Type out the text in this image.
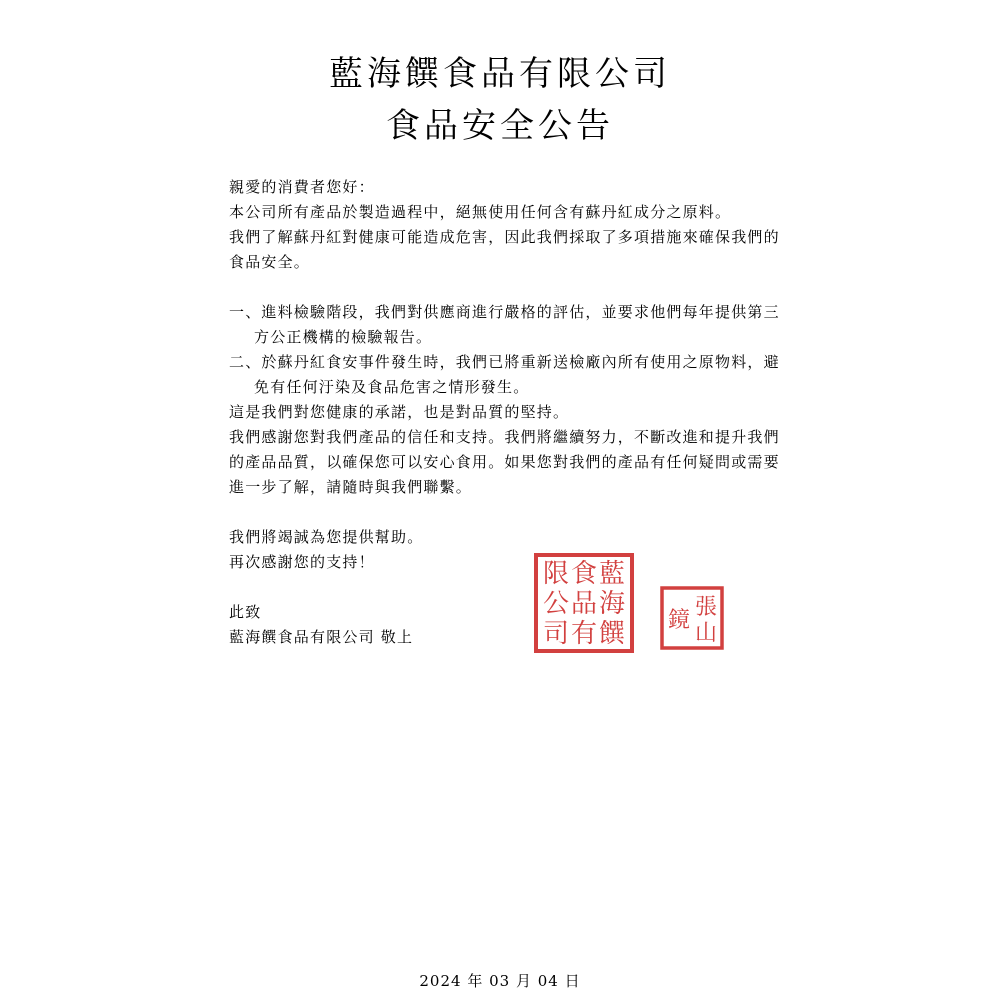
藍海饌食品有限公司
食品安全公告
親愛的消費者您好：
本公司所有產品於製造過程中，絕無使用任何含有蘇丹紅成分之原料。
我們了解蘇丹紅對健康可能造成危害，因此我們採取了多項措施來確保我們的
食品安全。
一、進料檢驗階段，我們對供應商進行嚴格的評估，並要求他們每年提供第三
方公正機構的檢驗報告。
二、於蘇丹紅食安事件發生時，我們已將重新送檢廠內所有使用之原物料，避
免有任何汙染及食品危害之情形發生。
這是我們對您健康的承諾，也是對品質的堅持。
我們感謝您對我們產品的信任和支持。我們將繼續努力，不斷改進和提升我們
的產品品質，以確保您可以安心食用。如果您對我們的產品有任何疑問或需要
進一步了解，請隨時與我們聯繫。
我們將竭誠為您提供幫助。
再次感謝您的支持！
此致
藍海饌食品有限公司 敬上
藍
海
饌
食
品
有
限
公
司
張
山
鏡
2024 年 03 月 04 日
